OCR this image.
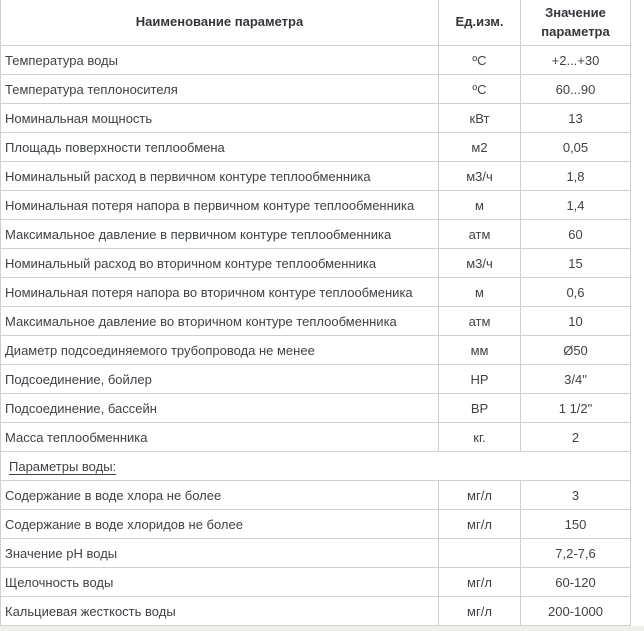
Наименование параметра	Ед.изм.	Значение параметра
Температура воды	ºС	+2...+30
Температура теплоносителя	ºС	60...90
Номинальная мощность	кВт	13
Площадь поверхности теплообмена	м2	0,05
Номинальный расход в первичном контуре теплообменника	м3/ч	1,8
Номинальная потеря напора в первичном контуре теплообменника	м	1,4
Максимальное давление в первичном контуре теплообменника	атм	60
Номинальный расход во вторичном контуре теплообменника	м3/ч	15
Номинальная потеря напора во вторичном контуре теплообменика	м	0,6
Максимальное давление во вторичном контуре теплообменника	атм	10
Диаметр подсоединяемого трубопровода не менее	мм	Ø50
Подсоединение, бойлер	НР	3/4"
Подсоединение, бассейн	ВР	1 1/2"
Масса теплообменника	кг.	2
Параметры воды:		
Содержание в воде хлора не более	мг/л	3
Содержание в воде хлоридов не более	мг/л	150
Значение pH воды		7,2-7,6
Щелочность воды	мг/л	60-120
Кальциевая жесткость воды	мг/л	200-1000
